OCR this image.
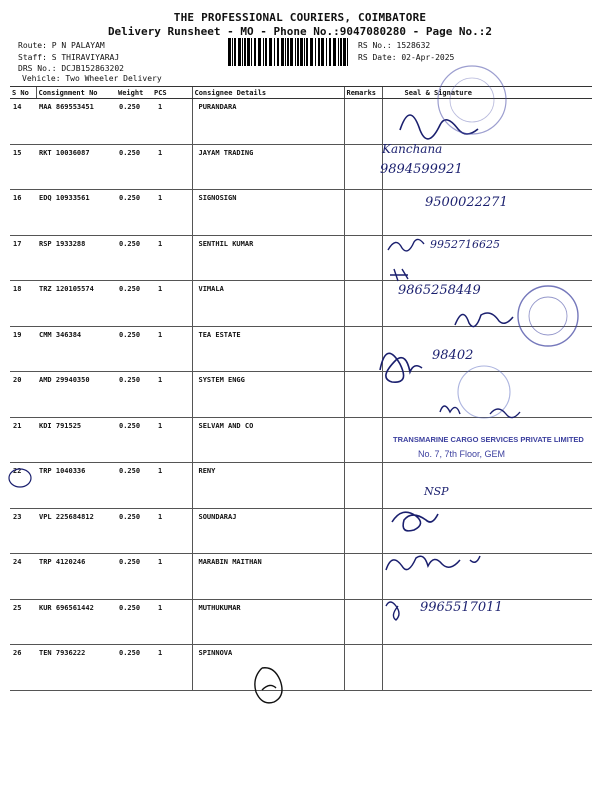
THE PROFESSIONAL COURIERS, COIMBATORE
Delivery Runsheet - MO - Phone No.:9047080280 - Page No.:2
Route: P N PALAYAM
Staff: S THIRAVIYARAJ
DRS No.: DCJB152863202
Vehicle: Two Wheeler Delivery
RS No.: 1528632
RS Date: 02-Apr-2025
S No	Consignment No	Weight	PCS	Consignee Details	Remarks	Seal & Signature
14	MAA 869553451	0.250	1	PURANDARA		
15	RKT 10036087	0.250	1	JAYAM TRADING		
16	EDQ 10933561	0.250	1	SIGNOSIGN		
17	RSP 1933288	0.250	1	SENTHIL KUMAR		
18	TRZ 120105574	0.250	1	VIMALA		
19	CMM 346384	0.250	1	TEA ESTATE		
20	AMD 29940350	0.250	1	SYSTEM ENGG		
21	KDI 791525	0.250	1	SELVAM AND CO		
22	TRP 1040336	0.250	1	RENY		
23	VPL 225684812	0.250	1	SOUNDARAJ		
24	TRP 4120246	0.250	1	MARABIN MAITHAN		
25	KUR 696561442	0.250	1	MUTHUKUMAR		
26	TEN 7936222	0.250	1	SPINNOVA		
Kanchana
9894599921
9500022271
9952716625
9865258449
98402
TRANSMARINE CARGO SERVICES PRIVATE LIMITED
No. 7, 7th Floor, GEM
NSP
9965517011
